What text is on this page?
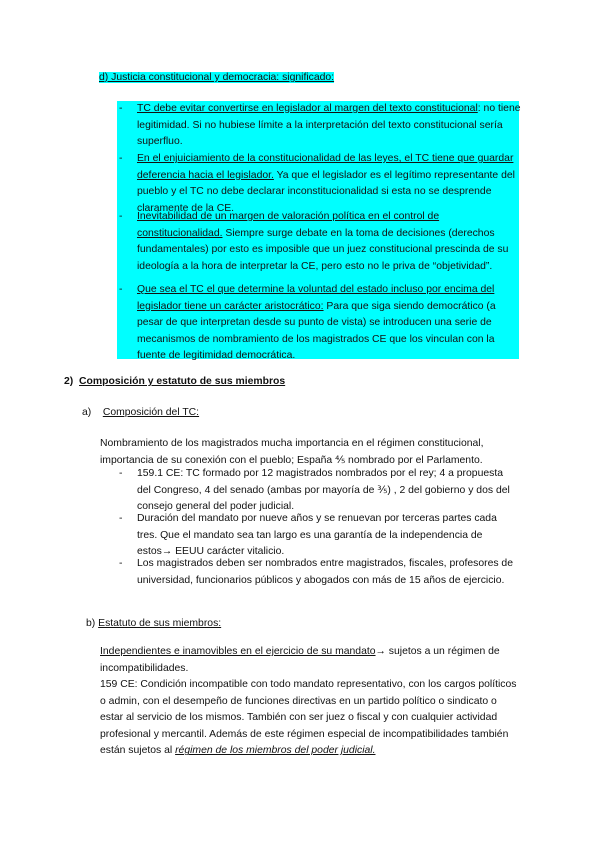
d) Justicia constitucional y democracia: significado:
-	TC debe evitar convertirse en legislador al margen del texto constitucional: no tiene legitimidad. Si no hubiese límite a la interpretación del texto constitucional sería superfluo.
-	En el enjuiciamiento de la constitucionalidad de las leyes, el TC tiene que guardar deferencia hacia el legislador. Ya que el legislador es el legítimo representante del pueblo y el TC no debe declarar inconstitucionalidad si esta no se desprende claramente de la CE.
-	Inevitabilidad de un margen de valoración política en el control de constitucionalidad. Siempre surge debate en la toma de decisiones (derechos fundamentales) por esto es imposible que un juez constitucional prescinda de su ideología a la hora de interpretar la CE, pero esto no le priva de “objetividad”.
-	Que sea el TC el que determine la voluntad del estado incluso por encima del legislador tiene un carácter aristocrático: Para que siga siendo democrático (a pesar de que interpretan desde su punto de vista) se introducen una serie de mecanismos de nombramiento de los magistrados CE que los vinculan con la fuente de legitimidad democrática.
2) Composición y estatuto de sus miembros
a) Composición del TC:
Nombramiento de los magistrados mucha importancia en el régimen constitucional, importancia de su conexión con el pueblo; España ⅘ nombrado por el Parlamento.
-	159.1 CE: TC formado por 12 magistrados nombrados por el rey; 4 a propuesta del Congreso, 4 del senado (ambas por mayoría de ⅗) , 2 del gobierno y dos del consejo general del poder judicial.
-	Duración del mandato por nueve años y se renuevan por terceras partes cada tres. Que el mandato sea tan largo es una garantía de la independencia de estos→ EEUU carácter vitalicio.
-	Los magistrados deben ser nombrados entre magistrados, fiscales, profesores de universidad, funcionarios públicos y abogados con más de 15 años de ejercicio.
b) Estatuto de sus miembros:
Independientes e inamovibles en el ejercicio de su mandato→ sujetos a un régimen de incompatibilidades.
159 CE: Condición incompatible con todo mandato representativo, con los cargos políticos o admin, con el desempeño de funciones directivas en un partido político o sindicato o estar al servicio de los mismos. También con ser juez o fiscal y con cualquier actividad profesional y mercantil. Además de este régimen especial de incompatibilidades también están sujetos al régimen de los miembros del poder judicial.
